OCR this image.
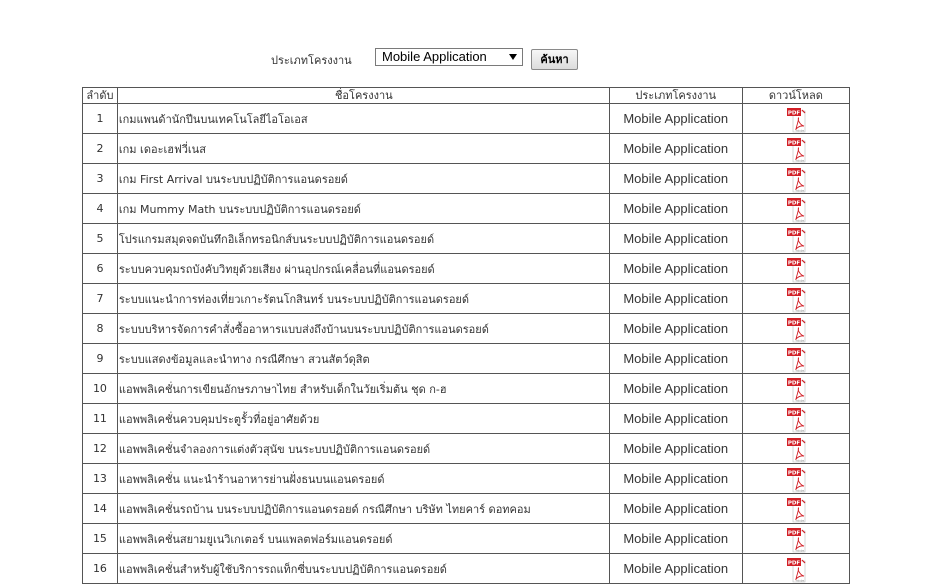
ประเภทโครงงาน	Mobile Application	ค้นหา
ลำดับ	ชื่อโครงงาน	ประเภทโครงงาน	ดาวน์โหลด
1	เกมแพนด้านักปีนบนเทคโนโลยีไอโอเอส	Mobile Application	PDF
Adobe

2	เกม เดอะเฮฟวี่เนส	Mobile Application	PDF
Adobe

3	เกม First Arrival บนระบบปฏิบัติการแอนดรอยด์	Mobile Application	PDF
Adobe

4	เกม Mummy Math บนระบบปฏิบัติการแอนดรอยด์	Mobile Application	PDF
Adobe

5	โปรแกรมสมุดจดบันทึกอิเล็กทรอนิกส์บนระบบปฏิบัติการแอนดรอยด์	Mobile Application	PDF
Adobe

6	ระบบควบคุมรถบังคับวิทยุด้วยเสียง ผ่านอุปกรณ์เคลื่อนที่แอนดรอยด์	Mobile Application	PDF
Adobe

7	ระบบแนะนำการท่องเที่ยวเกาะรัตนโกสินทร์ บนระบบปฏิบัติการแอนดรอยด์	Mobile Application	PDF
Adobe

8	ระบบบริหารจัดการคำสั่งซื้ออาหารแบบส่งถึงบ้านบนระบบปฏิบัติการแอนดรอยด์	Mobile Application	PDF
Adobe

9	ระบบแสดงข้อมูลและนำทาง กรณีศึกษา สวนสัตว์ดุสิต	Mobile Application	PDF
Adobe

10	แอพพลิเคชั่นการเขียนอักษรภาษาไทย สำหรับเด็กในวัยเริ่มต้น ชุด ก-ฮ	Mobile Application	PDF
Adobe

11	แอพพลิเคชั่นควบคุมประตูรั้วที่อยู่อาศัยด้วย	Mobile Application	PDF
Adobe

12	แอพพลิเคชั่นจำลองการแต่งตัวสุนัข บนระบบปฏิบัติการแอนดรอยด์	Mobile Application	PDF
Adobe

13	แอพพลิเคชั่น แนะนำร้านอาหารย่านฝั่งธนบนแอนดรอยด์	Mobile Application	PDF
Adobe

14	แอพพลิเคชั่นรถบ้าน บนระบบปฏิบัติการแอนดรอยด์ กรณีศึกษา บริษัท ไทยคาร์ ดอทคอม	Mobile Application	PDF
Adobe

15	แอพพลิเคชั่นสยามยูเนวิเกเตอร์ บนแพลตฟอร์มแอนดรอยด์	Mobile Application	PDF
Adobe

16	แอพพลิเคชั่นสำหรับผู้ใช้บริการรถแท็กซี่บนระบบปฏิบัติการแอนดรอยด์	Mobile Application	PDF
Adobe
